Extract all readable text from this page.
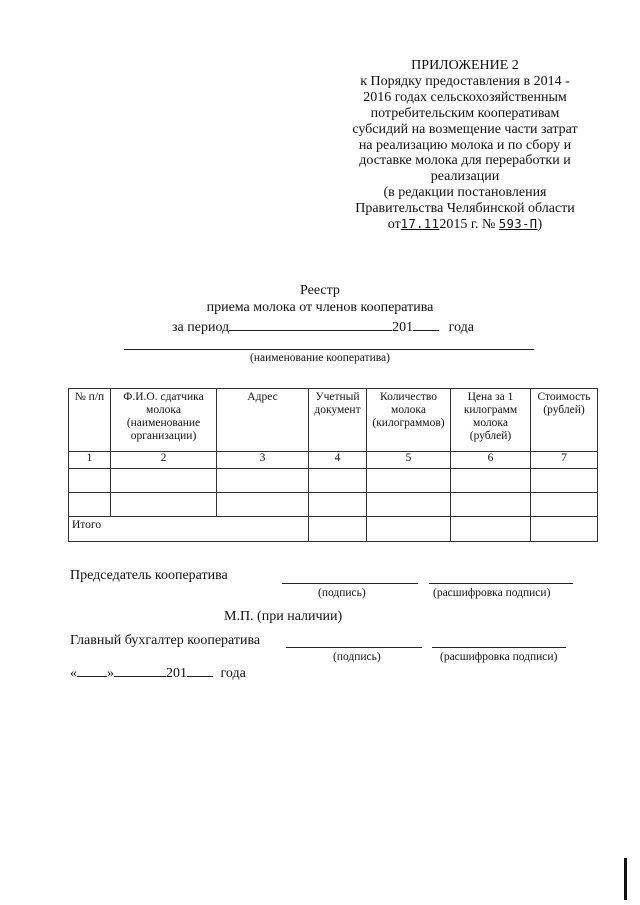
ПРИЛОЖЕНИЕ 2
к Порядку предоставления в 2014 -
2016 годах сельскохозяйственным
потребительским кооперативам
субсидий на возмещение части затрат
на реализацию молока и по сбору и
доставке молока для переработки и
реализации
(в редакции постановления
Правительства Челябинской области
от17.112015 г. № 593-П)
Реестр
приема молока от членов кооператива
за период	201	года
(наименование кооператива)
№ п/п	Ф.И.О. сдатчика молока (наименование организации)	Адрес	Учетный документ	Количество молока (килограммов)	Цена за 1 килограмм молока (рублей)	Стоимость (рублей)
1	2	3	4	5	6	7

Итого						
Председатель кооператива
(подпись)	(расшифровка подписи)
М.П. (при наличии)
Главный бухгалтер кооператива
(подпись)	(расшифровка подписи)
« »	201 года
